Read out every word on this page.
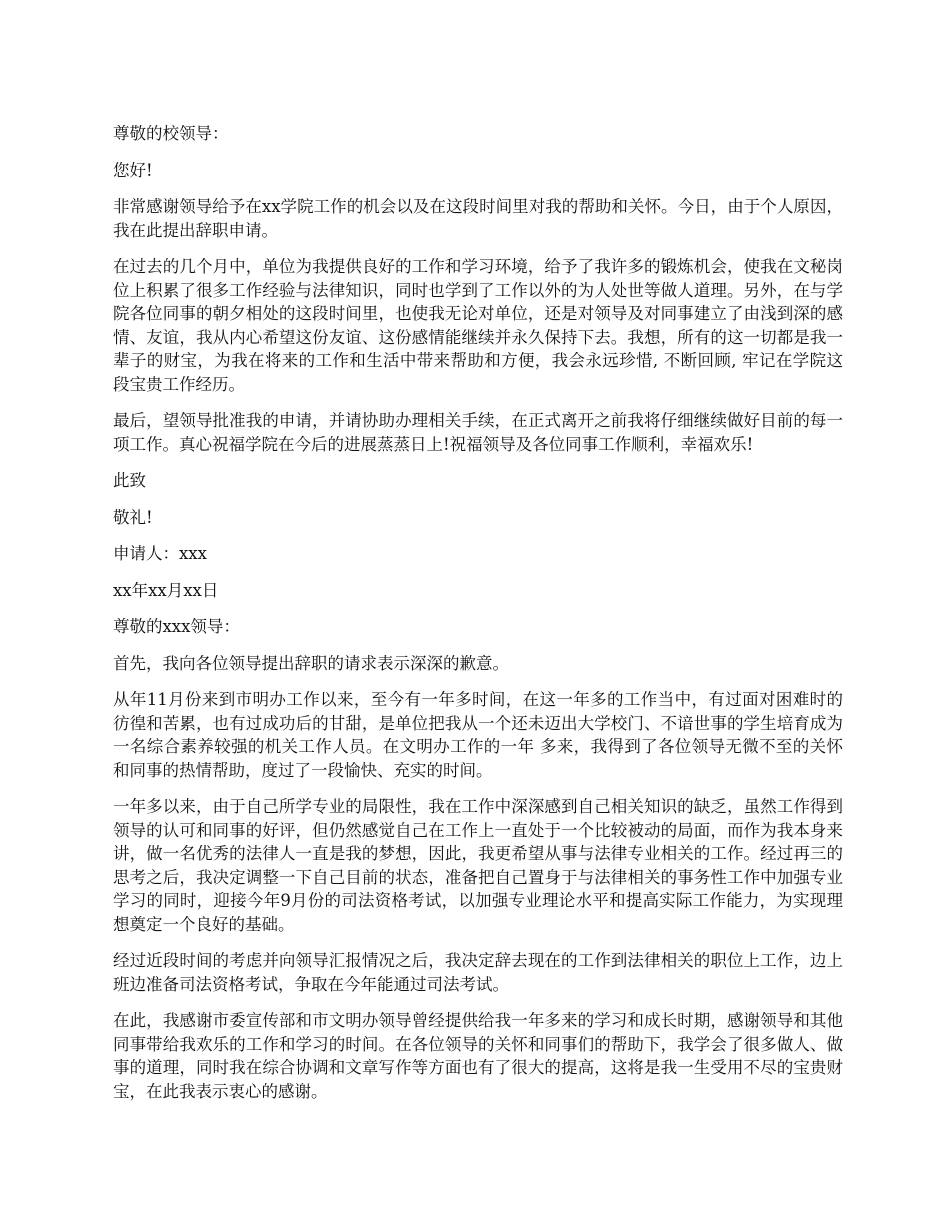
尊敬的校领导：

您好!

非常感谢领导给予在xx学院工作的机会以及在这段时间里对我的帮助和关怀。今日，由于个人原因，我在此提出辞职申请。

在过去的几个月中，单位为我提供良好的工作和学习环境，给予了我许多的锻炼机会，使我在文秘岗位上积累了很多工作经验与法律知识，同时也学到了工作以外的为人处世等做人道理。另外，在与学院各位同事的朝夕相处的这段时间里，也使我无论对单位，还是对领导及对同事建立了由浅到深的感情、友谊，我从内心希望这份友谊、这份感情能继续并永久保持下去。我想，所有的这一切都是我一辈子的财宝，为我在将来的工作和生活中带来帮助和方便，我会永远珍惜, 不断回顾, 牢记在学院这段宝贵工作经历。

最后，望领导批准我的申请，并请协助办理相关手续，在正式离开之前我将仔细继续做好目前的每一项工作。真心祝福学院在今后的进展蒸蒸日上!祝福领导及各位同事工作顺利，幸福欢乐!

此致

敬礼!

申请人：xxx

xx年xx月xx日

尊敬的xxx领导：

首先，我向各位领导提出辞职的请求表示深深的歉意。

从年11月份来到市明办工作以来，至今有一年多时间，在这一年多的工作当中，有过面对困难时的彷徨和苦累，也有过成功后的甘甜，是单位把我从一个还未迈出大学校门、不谙世事的学生培育成为一名综合素养较强的机关工作人员。在文明办工作的一年 多来，我得到了各位领导无微不至的关怀和同事的热情帮助，度过了一段愉快、充实的时间。

一年多以来，由于自己所学专业的局限性，我在工作中深深感到自己相关知识的缺乏，虽然工作得到领导的认可和同事的好评，但仍然感觉自己在工作上一直处于一个比较被动的局面，而作为我本身来讲，做一名优秀的法律人一直是我的梦想，因此，我更希望从事与法律专业相关的工作。经过再三的思考之后，我决定调整一下自己目前的状态，准备把自己置身于与法律相关的事务性工作中加强专业学习的同时，迎接今年9月份的司法资格考试，以加强专业理论水平和提高实际工作能力，为实现理想奠定一个良好的基础。

经过近段时间的考虑并向领导汇报情况之后，我决定辞去现在的工作到法律相关的职位上工作，边上班边准备司法资格考试，争取在今年能通过司法考试。

在此，我感谢市委宣传部和市文明办领导曾经提供给我一年多来的学习和成长时期，感谢领导和其他同事带给我欢乐的工作和学习的时间。在各位领导的关怀和同事们的帮助下，我学会了很多做人、做事的道理，同时我在综合协调和文章写作等方面也有了很大的提高，这将是我一生受用不尽的宝贵财宝，在此我表示衷心的感谢。
